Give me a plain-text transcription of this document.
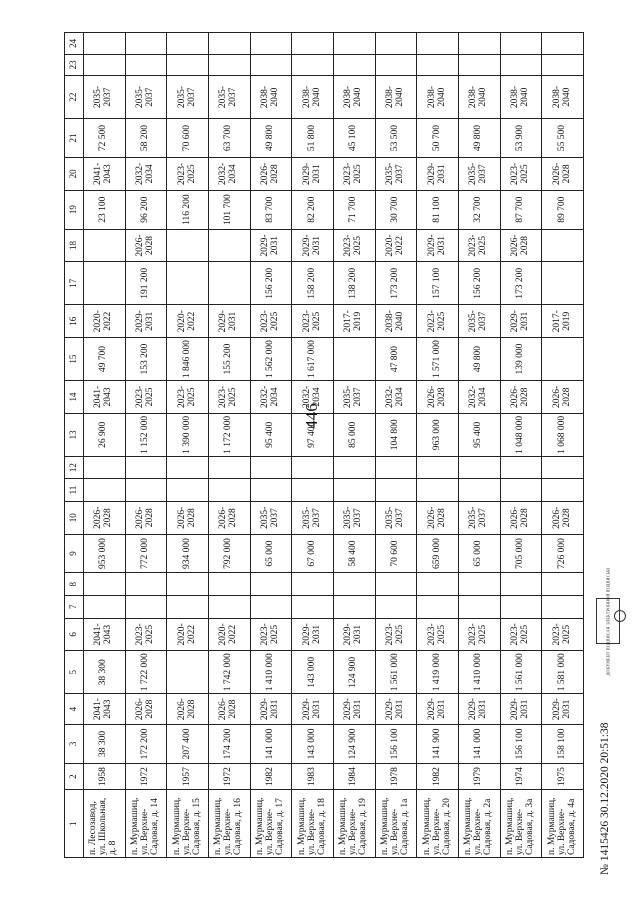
446
1	2	3	4	5	6	7	8	9	10	11	12	13	14	15	16	17	18	19	20	21	22	23	24
п. Лесозавод, ул. Школьная, д. 8	1958	38 300	2041-2043	38 300	2041-2043			953 000	2026-2028			26 900	2041-2043	49 700	2020-2022			23 100	2041-2043	72 500	2035-2037		
п. Мурмашиц, ул. Верхне-Садовая, д. 14	1972	172 200	2026-2028	1 722 000	2023-2025			772 000	2026-2028			1 152 000	2023-2025	153 200	2029-2031	191 200	2026-2028	96 200	2032-2034	58 200	2035-2037		
п. Мурмашиц, ул. Верхне-Садовая, д. 15	1957	207 400	2026-2028		2020-2022			934 000	2026-2028			1 390 000	2023-2025	1 846 000	2020-2022			116 200	2023-2025	70 600	2035-2037		
п. Мурмашиц, ул. Верхне-Садовая, д. 16	1972	174 200	2026-2028	1 742 000	2020-2022			792 000	2026-2028			1 172 000	2023-2025	155 200	2029-2031			101 700	2032-2034	63 700	2035-2037		
п. Мурмашиц, ул. Верхне-Садовая, д. 17	1982	141 000	2029-2031	1 410 000	2023-2025			65 000	2035-2037			95 400	2032-2034	1 562 000	2023-2025	156 200	2029-2031	83 700	2026-2028	49 800	2038-2040		
п. Мурмашиц, ул. Верхне-Садовая, д. 18	1983	143 000	2029-2031	143 000	2029-2031			67 000	2035-2037			97 400	2032-2034	1 617 000	2023-2025	158 200	2029-2031	82 200	2029-2031	51 800	2038-2040		
п. Мурмашиц, ул. Верхне-Садовая, д. 19	1984	124 900	2029-2031	124 900	2029-2031			58 400	2035-2037			85 000	2035-2037		2017-2019	138 200	2023-2025	71 700	2023-2025	45 100	2038-2040		
п. Мурмашиц, ул. Верхне-Садовая, д. 1а	1978	156 100	2029-2031	1 561 000	2023-2025			70 600	2035-2037			104 800	2032-2034	47 800	2038-2040	173 200	2020-2022	30 700	2035-2037	53 500	2038-2040		
п. Мурмашиц, ул. Верхне-Садовая, д. 20	1982	141 900	2029-2031	1 419 000	2023-2025			659 000	2026-2028			963 000	2026-2028	1 571 000	2023-2025	157 100	2029-2031	81 100	2029-2031	50 700	2038-2040		
п. Мурмашиц, ул. Верхне-Садовая, д. 2а	1979	141 000	2029-2031	1 410 000	2023-2025			65 000	2035-2037			95 400	2032-2034	49 800	2035-2037	156 200	2023-2025	32 700	2035-2037	49 800	2038-2040		
п. Мурмашиц, ул. Верхне-Садовая, д. 3а	1974	156 100	2029-2031	1 561 000	2023-2025			705 000	2026-2028			1 048 000	2026-2028	139 000	2029-2031	173 200	2026-2028	87 700	2023-2025	53 900	2038-2040		
п. Мурмашиц, ул. Верхне-Садовая, д. 4а	1975	158 100	2029-2031	1 581 000	2023-2025			726 000	2026-2028			1 068 000	2026-2028		2017-2019			89 700	2026-2028	55 500	2038-2040		
ДОКУМЕНТ ПОДПИСАН ЭЛЕКТРОННОЙ ПОДПИСЬЮ
№ 1415426 30.12.2020 20:51:38
